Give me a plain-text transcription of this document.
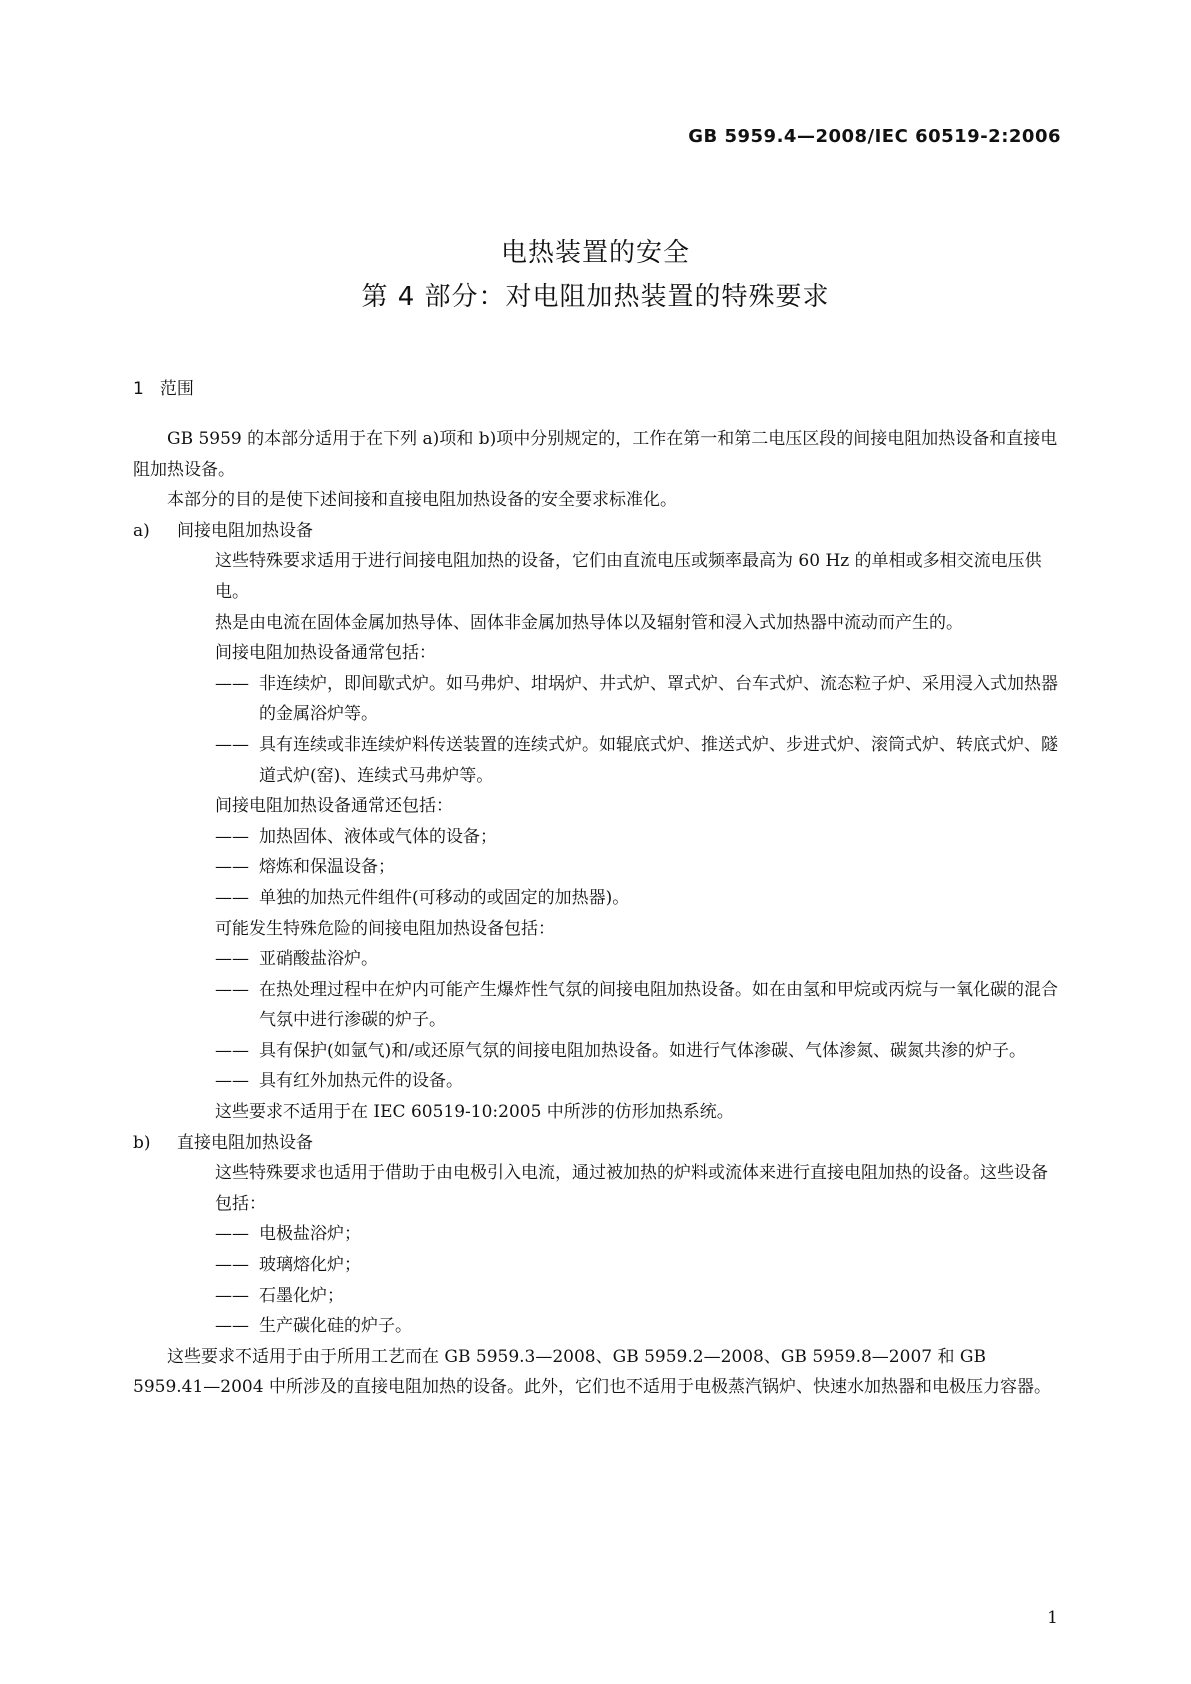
GB 5959.4—2008/IEC 60519-2:2006
电热装置的安全
第 4 部分：对电阻加热装置的特殊要求
1 范围

GB 5959 的本部分适用于在下列 a)项和 b)项中分别规定的，工作在第一和第二电压区段的间接电阻加热设备和直接电阻加热设备。

本部分的目的是使下述间接和直接电阻加热设备的安全要求标准化。

a) 间接电阻加热设备
这些特殊要求适用于进行间接电阻加热的设备，它们由直流电压或频率最高为 60 Hz 的单相或多相交流电压供电。
热是由电流在固体金属加热导体、固体非金属加热导体以及辐射管和浸入式加热器中流动而产生的。
间接电阻加热设备通常包括：
—— 非连续炉，即间歇式炉。如马弗炉、坩埚炉、井式炉、罩式炉、台车式炉、流态粒子炉、采用浸入式加热器的金属浴炉等。
—— 具有连续或非连续炉料传送装置的连续式炉。如辊底式炉、推送式炉、步进式炉、滚筒式炉、转底式炉、隧道式炉(窑)、连续式马弗炉等。
间接电阻加热设备通常还包括：
—— 加热固体、液体或气体的设备；
—— 熔炼和保温设备；
—— 单独的加热元件组件(可移动的或固定的加热器)。
可能发生特殊危险的间接电阻加热设备包括：
—— 亚硝酸盐浴炉。
—— 在热处理过程中在炉内可能产生爆炸性气氛的间接电阻加热设备。如在由氢和甲烷或丙烷与一氧化碳的混合气氛中进行渗碳的炉子。
—— 具有保护(如氩气)和/或还原气氛的间接电阻加热设备。如进行气体渗碳、气体渗氮、碳氮共渗的炉子。
—— 具有红外加热元件的设备。
这些要求不适用于在 IEC 60519-10:2005 中所涉的仿形加热系统。
b) 直接电阻加热设备
这些特殊要求也适用于借助于由电极引入电流，通过被加热的炉料或流体来进行直接电阻加热的设备。这些设备包括：
—— 电极盐浴炉；
—— 玻璃熔化炉；
—— 石墨化炉；
—— 生产碳化硅的炉子。

这些要求不适用于由于所用工艺而在 GB 5959.3—2008、GB 5959.2—2008、GB 5959.8—2007 和 GB 5959.41—2004 中所涉及的直接电阻加热的设备。此外，它们也不适用于电极蒸汽锅炉、快速水加热器和电极压力容器。

1
